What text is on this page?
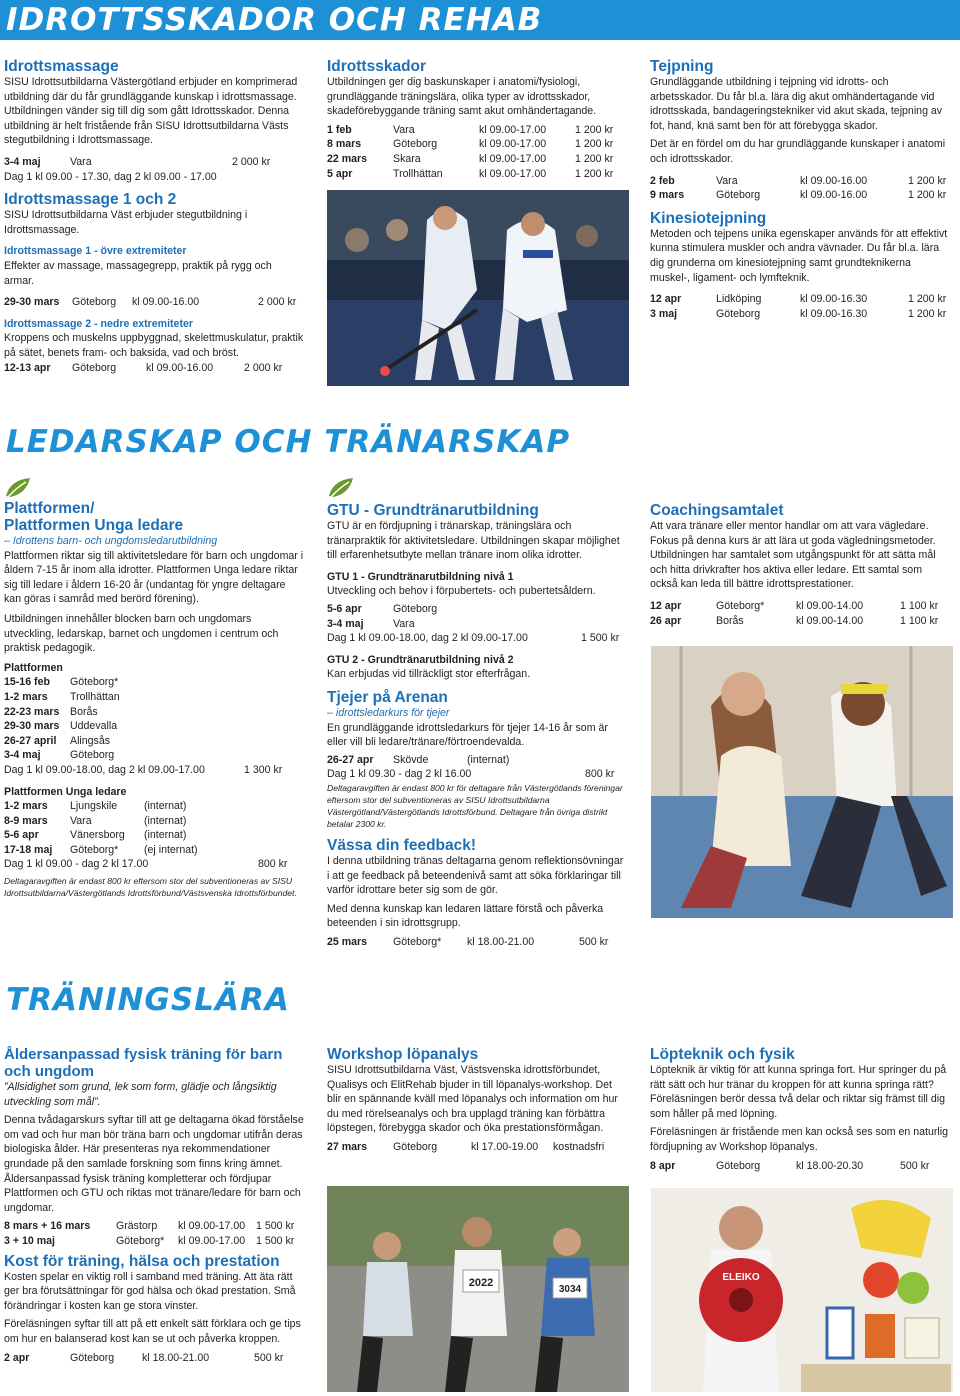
IDROTTSSKADOR OCH REHAB
LEDARSKAP OCH TRÄNARSKAP
TRÄNINGSLÄRA

Idrottsmassage

SISU Idrottsutbildarna Västergötland erbjuder en komprimerad utbildning där du får grundläggande kunskap i idrottsmassage. Utbildningen vänder sig till dig som gått Idrottsskador. Denna utbildning är helt fristående från SISU Idrottsutbildarna Västs stegutbildning i Idrottsmassage.

3-4 maj	Vara	2 000 kr

Dag 1 kl 09.00 - 17.30, dag 2 kl 09.00 - 17.00

Idrottsmassage 1 och 2

SISU Idrottsutbildarna Väst erbjuder stegutbildning i Idrottsmassage.

Idrottsmassage 1 - övre extremiteter

Effekter av massage, massagegrepp, praktik på rygg och armar.

29-30 mars Göteborg kl 09.00-16.00	2 000 kr

Idrottsmassage 2 - nedre extremiteter

Kroppens och muskelns uppbyggnad, skelettmuskulatur, praktik på sätet, benets fram- och baksida, vad och bröst.

12-13 apr Göteborg	kl 09.00-16.00	2 000 kr

Idrottsskador

Utbildningen ger dig baskunskaper i anatomi/fysiologi, grundläggande träningslära, olika typer av idrottsskador, skadeförebyggande träning samt akut omhändertagande.

1 feb	Vara	kl 09.00-17.00	1 200 kr
8 mars	Göteborg	kl 09.00-17.00	1 200 kr
22 mars Skara	kl 09.00-17.00	1 200 kr
5 apr	Trollhättan	kl 09.00-17.00	1 200 kr

Tejpning

Grundläggande utbildning i tejpning vid idrotts- och arbetsskador. Du får bl.a. lära dig akut omhändertagande vid idrottsskada, bandageringstekniker vid akut skada, tejpning av fot, hand, knä samt ben för att förebygga skador.

Det är en fördel om du har grundläggande kunskaper i anatomi och idrottsskador.

2 feb	Vara	kl 09.00-16.00	1 200 kr
9 mars	Göteborg	kl 09.00-16.00	1 200 kr

Kinesiotejpning

Metoden och tejpens unika egenskaper används för att effektivt kunna stimulera muskler och andra vävnader. Du får bl.a. lära dig grunderna om kinesiotejpning samt grundteknikerna muskel-, ligament- och lymfteknik.

12 apr	Lidköping	kl 09.00-16.30	1 200 kr
3 maj	Göteborg	kl 09.00-16.30	1 200 kr

Plattformen/

Plattformen Unga ledare

– Idrottens barn- och ungdomsledarutbildning

Plattformen riktar sig till aktivitetsledare för barn och ungdomar i åldern 7-15 år inom alla idrotter. Plattformen Unga ledare riktar sig till ledare i åldern 16-20 år (undantag för yngre deltagare kan göras i samråd med berörd förening).

Utbildningen innehåller blocken barn och ungdomars utveckling, ledarskap, barnet och ungdomen i centrum och praktisk pedagogik.

Plattformen

15-16 feb Göteborg*
1-2 mars Trollhättan
22-23 mars Borås
29-30 mars Uddevalla
26-27 april Alingsås
3-4 maj	Göteborg
Dag 1 kl 09.00-18.00, dag 2 kl 09.00-17.00	1 300 kr

Plattformen Unga ledare

1-2 mars Ljungskile	(internat)
8-9 mars Vara	(internat)
5-6 apr	Vänersborg (internat)
17-18 maj Göteborg* (ej internat)
Dag 1 kl 09.00 - dag 2 kl 17.00	800 kr

Deltagaravgiften är endast 800 kr eftersom stor del subventioneras av SISU Idrottsutbildarna/Västergötlands Idrottsförbund/Västsvenska Idrottsförbundet.

GTU - Grundtränarutbildning

GTU är en fördjupning i tränarskap, träningslära och tränarpraktik för aktivitetsledare. Utbildningen skapar möjlighet till erfarenhetsutbyte mellan tränare inom olika idrotter.

GTU 1 - Grundtränarutbildning nivå 1

Utveckling och behov i förpubertets- och pubertetsåldern.

5-6 apr	Göteborg
3-4 maj	Vara
Dag 1 kl 09.00-18.00, dag 2 kl 09.00-17.00	1 500 kr

GTU 2 - Grundtränarutbildning nivå 2

Kan erbjudas vid tillräckligt stor efterfrågan.

Tjejer på Arenan

– idrottsledarkurs för tjejer

En grundläggande idrottsledarkurs för tjejer 14-16 år som är eller vill bli ledare/tränare/förtroendevalda.

26-27 apr Skövde	(internat)
Dag 1 kl 09.30 - dag 2 kl 16.00	800 kr

Deltagaravgiften är endast 800 kr för deltagare från Västergötlands föreningar eftersom stor del subventioneras av SISU Idrottsutbildarna Västergötland/Västergötlands Idrottsförbund. Deltagare från övriga distrikt betalar 2300 kr.

Vässa din feedback!

I denna utbildning tränas deltagarna genom reflektionsövningar i att ge feedback på beteendenivå samt att söka förklaringar till varför idrottare beter sig som de gör.

Med denna kunskap kan ledaren lättare förstå och påverka beteenden i sin idrottsgrupp.

25 mars Göteborg* kl 18.00-21.00	500 kr

Coachingsamtalet

Att vara tränare eller mentor handlar om att vara vägledare. Fokus på denna kurs är att lära ut goda vägledningsmetoder. Utbildningen har samtalet som utgångspunkt för att sätta mål och hitta drivkrafter hos aktiva eller ledare. Ett samtal som också kan leda till bättre idrottsprestationer.

12 apr	Göteborg*	kl 09.00-14.00	1 100 kr
26 apr	Borås	kl 09.00-14.00	1 100 kr

Åldersanpassad fysisk träning för barn och ungdom

”Allsidighet som grund, lek som form, glädje och långsiktig utveckling som mål”.

Denna tvådagarskurs syftar till att ge deltagarna ökad förståelse om vad och hur man bör träna barn och ungdomar utifrån deras biologiska ålder. Här presenteras nya rekommendationer grundade på den samlade forskning som finns kring ämnet. Åldersanpassad fysisk träning kompletterar och fördjupar Plattformen och GTU och riktas mot tränare/ledare för barn och ungdomar.

8 mars + 16 mars Grästorp kl 09.00-17.00 1 500 kr
3 + 10 maj	Göteborg* kl 09.00-17.00 1 500 kr

Kost för träning, hälsa och prestation

Kosten spelar en viktig roll i samband med träning. Att äta rätt ger bra förutsättningar för god hälsa och ökad prestation. Små förändringar i kosten kan ge stora vinster.

Föreläsningen syftar till att på ett enkelt sätt förklara och ge tips om hur en balanserad kost kan se ut och påverka kroppen.

2 apr	Göteborg	kl 18.00-21.00	500 kr

Workshop löpanalys

SISU Idrottsutbildarna Väst, Västsvenska idrottsförbundet, Qualisys och ElitRehab bjuder in till löpanalys-workshop. Det blir en spännande kväll med löpanalys och information om hur du med rörelseanalys och bra upplagd träning kan förbättra löpstegen, förebygga skador och öka prestationsförmågan.

27 mars Göteborg	kl 17.00-19.00 kostnadsfri
2022
3034

Löpteknik och fysik

Löpteknik är viktig för att kunna springa fort. Hur springer du på rätt sätt och hur tränar du kroppen för att kunna springa rätt? Föreläsningen berör dessa två delar och riktar sig främst till dig som håller på med löpning.

Föreläsningen är fristående men kan också ses som en naturlig fördjupning av Workshop löpanalys.

8 apr	Göteborg	kl 18.00-20.30	500 kr
ELEIKO
